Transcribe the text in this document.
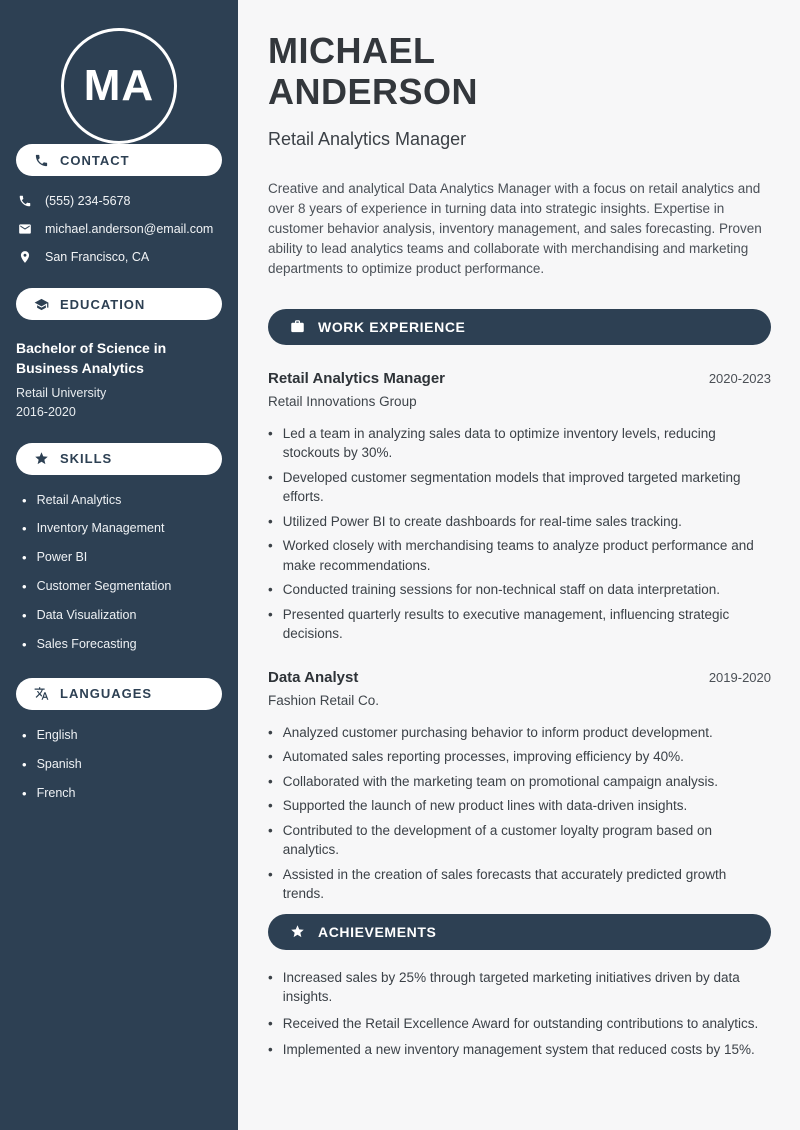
MA
CONTACT
(555) 234-5678
michael.anderson@email.com
San Francisco, CA
EDUCATION
Bachelor of Science in Business Analytics
Retail University
2016-2020
SKILLS
• Retail Analytics
• Inventory Management
• Power BI
• Customer Segmentation
• Data Visualization
• Sales Forecasting
LANGUAGES
• English
• Spanish
• French
MICHAEL
ANDERSON
Retail Analytics Manager

Creative and analytical Data Analytics Manager with a focus on retail analytics and over 8 years of experience in turning data into strategic insights. Expertise in customer behavior analysis, inventory management, and sales forecasting. Proven ability to lead analytics teams and collaborate with merchandising and marketing departments to optimize product performance.

WORK EXPERIENCE
Retail Analytics Manager	2020-2023
Retail Innovations Group
• Led a team in analyzing sales data to optimize inventory levels, reducing stockouts by 30%.
• Developed customer segmentation models that improved targeted marketing efforts.
• Utilized Power BI to create dashboards for real-time sales tracking.
• Worked closely with merchandising teams to analyze product performance and make recommendations.
• Conducted training sessions for non-technical staff on data interpretation.
• Presented quarterly results to executive management, influencing strategic decisions.
Data Analyst	2019-2020
Fashion Retail Co.
• Analyzed customer purchasing behavior to inform product development.
• Automated sales reporting processes, improving efficiency by 40%.
• Collaborated with the marketing team on promotional campaign analysis.
• Supported the launch of new product lines with data-driven insights.
• Contributed to the development of a customer loyalty program based on analytics.
• Assisted in the creation of sales forecasts that accurately predicted growth trends.
ACHIEVEMENTS
• Increased sales by 25% through targeted marketing initiatives driven by data insights.
• Received the Retail Excellence Award for outstanding contributions to analytics.
• Implemented a new inventory management system that reduced costs by 15%.
